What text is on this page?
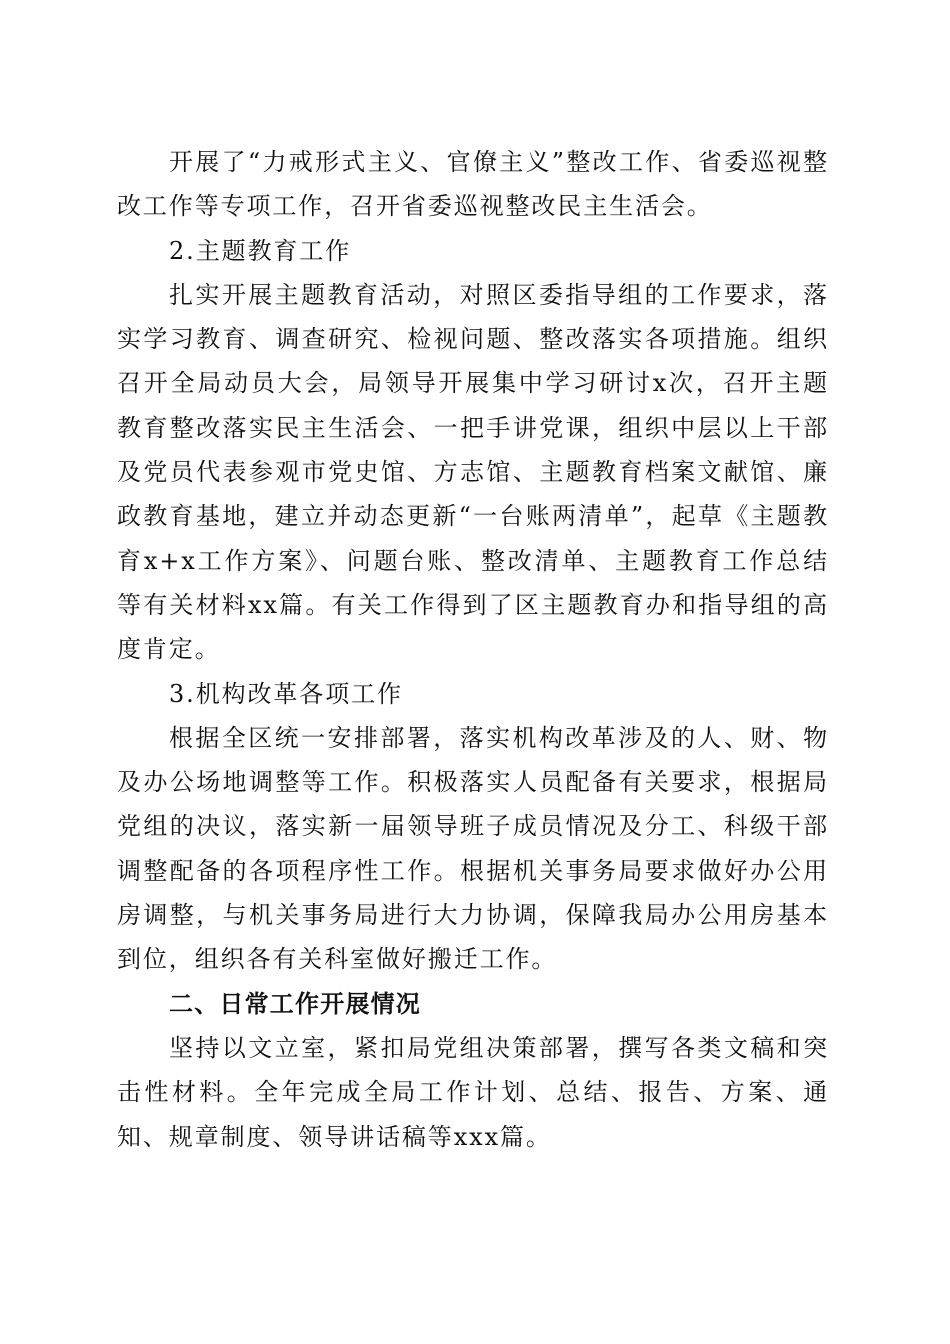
开展了“力戒形式主义、官僚主义”整改工作、省委巡视整改工作等专项工作，召开省委巡视整改民主生活会。

2.主题教育工作

扎实开展主题教育活动，对照区委指导组的工作要求，落实学习教育、调查研究、检视问题、整改落实各项措施。组织召开全局动员大会，局领导开展集中学习研讨x次，召开主题教育整改落实民主生活会、一把手讲党课，组织中层以上干部及党员代表参观市党史馆、方志馆、主题教育档案文献馆、廉政教育基地，建立并动态更新“一台账两清单”，起草《主题教育x+x工作方案》、问题台账、整改清单、主题教育工作总结等有关材料xx篇。有关工作得到了区主题教育办和指导组的高度肯定。

3.机构改革各项工作

根据全区统一安排部署，落实机构改革涉及的人、财、物及办公场地调整等工作。积极落实人员配备有关要求，根据局党组的决议，落实新一届领导班子成员情况及分工、科级干部调整配备的各项程序性工作。根据机关事务局要求做好办公用房调整，与机关事务局进行大力协调，保障我局办公用房基本到位，组织各有关科室做好搬迁工作。

二、日常工作开展情况

坚持以文立室，紧扣局党组决策部署，撰写各类文稿和突击性材料。全年完成全局工作计划、总结、报告、方案、通知、规章制度、领导讲话稿等xxx篇。
